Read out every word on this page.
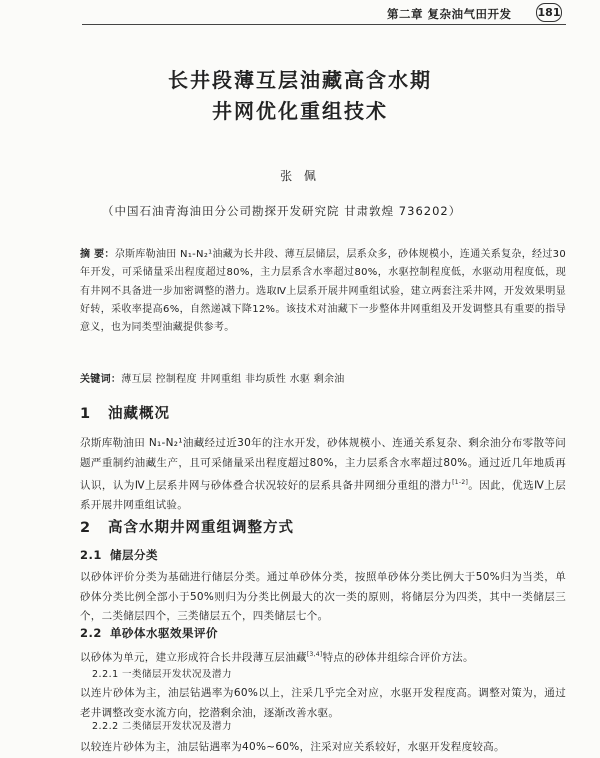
第二章 复杂油气田开发 181
长井段薄互层油藏高含水期
井网优化重组技术
张 佩
（中国石油青海油田分公司勘探开发研究院 甘肃敦煌 736202）
摘 要：尕斯库勒油田 N₁-N₂¹油藏为长井段、薄互层储层，层系众多，砂体规模小，连通关系复杂，经过30年开发，可采储量采出程度超过80%，主力层系含水率超过80%，水驱控制程度低，水驱动用程度低，现有井网不具备进一步加密调整的潜力。选取Ⅳ上层系开展井网重组试验，建立两套注采井网，开发效果明显好转，采收率提高6%，自然递减下降12%。该技术对油藏下一步整体井网重组及开发调整具有重要的指导意义，也为同类型油藏提供参考。
关键词：薄互层 控制程度 井网重组 非均质性 水驱 剩余油
1 油藏概况
尕斯库勒油田 N₁-N₂¹油藏经过近30年的注水开发，砂体规模小、连通关系复杂、剩余油分布零散等问题严重制约油藏生产，且可采储量采出程度超过80%，主力层系含水率超过80%。通过近几年地质再认识，认为Ⅳ上层系井网与砂体叠合状况较好的层系具备井网细分重组的潜力[1-2]。因此，优选Ⅳ上层系开展井网重组试验。
2 高含水期井网重组调整方式
2.1 储层分类
以砂体评价分类为基础进行储层分类。通过单砂体分类，按照单砂体分类比例大于50%归为当类，单砂体分类比例全部小于50%则归为分类比例最大的次一类的原则，将储层分为四类，其中一类储层三个，二类储层四个，三类储层五个，四类储层七个。
2.2 单砂体水驱效果评价
以砂体为单元，建立形成符合长井段薄互层油藏[3,4]特点的砂体井组综合评价方法。
2.2.1 一类储层开发状况及潜力
以连片砂体为主，油层钻遇率为60%以上，注采几乎完全对应，水驱开发程度高。调整对策为，通过老井调整改变水流方向，挖潜剩余油，逐渐改善水驱。
2.2.2 二类储层开发状况及潜力
以较连片砂体为主，油层钻遇率为40%~60%，注采对应关系较好，水驱开发程度较高。
